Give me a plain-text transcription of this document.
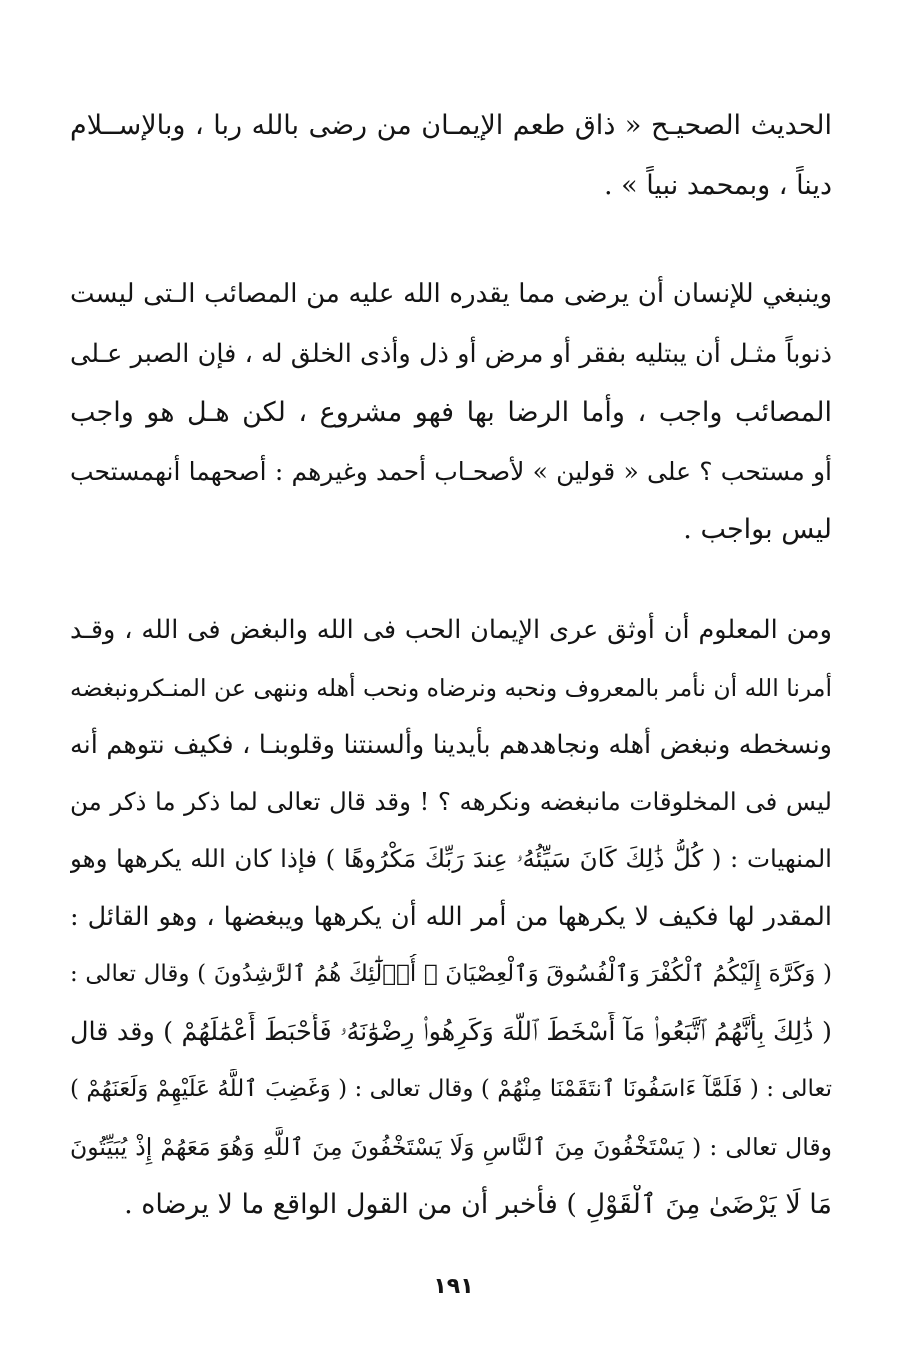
الحديث الصحيـح « ذاق طعم الإيمـان من رضى بالله ربا ، وبالإســلام
ديناً ، وبمحمد نبياً » .
وينبغي للإنسان أن يرضى مما يقدره الله عليه من المصائب الـتى ليست
ذنوباً مثـل أن يبتليه بفقر أو مرض أو ذل وأذى الخلق له ، فإن الصبر عـلى
المصائب واجب ، وأما الرضا بها فهو مشروع ، لكن هـل هو واجب
أو مستحب ؟ على « قولين » لأصحـاب أحمد وغيرهم : أصحهما أنهمستحب
ليس بواجب .
ومن المعلوم أن أوثق عرى الإيمان الحب فى الله والبغض فى الله ، وقـد
أمرنا الله أن نأمر بالمعروف ونحبه ونرضاه ونحب أهله وننهى عن المنـكرونبغضه
ونسخطه ونبغض أهله ونجاهدهم بأيدينا وألسنتنا وقلوبنـا ، فكيف نتوهم أنه
ليس فى المخلوقات مانبغضه ونكرهه ؟ ! وقد قال تعالى لما ذكر ما ذكر من
المنهيات : ( كُلُّ ذَٰلِكَ كَانَ سَيِّئُهُۥ عِندَ رَبِّكَ مَكْرُوهًا ) فإذا كان الله يكرهها وهو
المقدر لها فكيف لا يكرهها من أمر الله أن يكرهها ويبغضها ، وهو القائل :
( وَكَرَّهَ إِلَيْكُمُ ٱلْكُفْرَ وَٱلْفُسُوقَ وَٱلْعِصْيَانَ ۚ أُو۟لَٰٓئِكَ هُمُ ٱلرَّٰشِدُونَ ) وقال تعالى :
( ذَٰلِكَ بِأَنَّهُمُ ٱتَّبَعُوا۟ مَآ أَسْخَطَ ٱللَّهَ وَكَرِهُوا۟ رِضْوَٰنَهُۥ فَأَحْبَطَ أَعْمَٰلَهُمْ ) وقد قال
تعالى : ( فَلَمَّآ ءَاسَفُونَا ٱنتَقَمْنَا مِنْهُمْ ) وقال تعالى : ( وَغَضِبَ ٱللَّهُ عَلَيْهِمْ وَلَعَنَهُمْ )
وقال تعالى : ( يَسْتَخْفُونَ مِنَ ٱلنَّاسِ وَلَا يَسْتَخْفُونَ مِنَ ٱللَّهِ وَهُوَ مَعَهُمْ إِذْ يُبَيِّتُونَ
مَا لَا يَرْضَىٰ مِنَ ٱلْقَوْلِ ) فأخبر أن من القول الواقع ما لا يرضاه .
١٩١
